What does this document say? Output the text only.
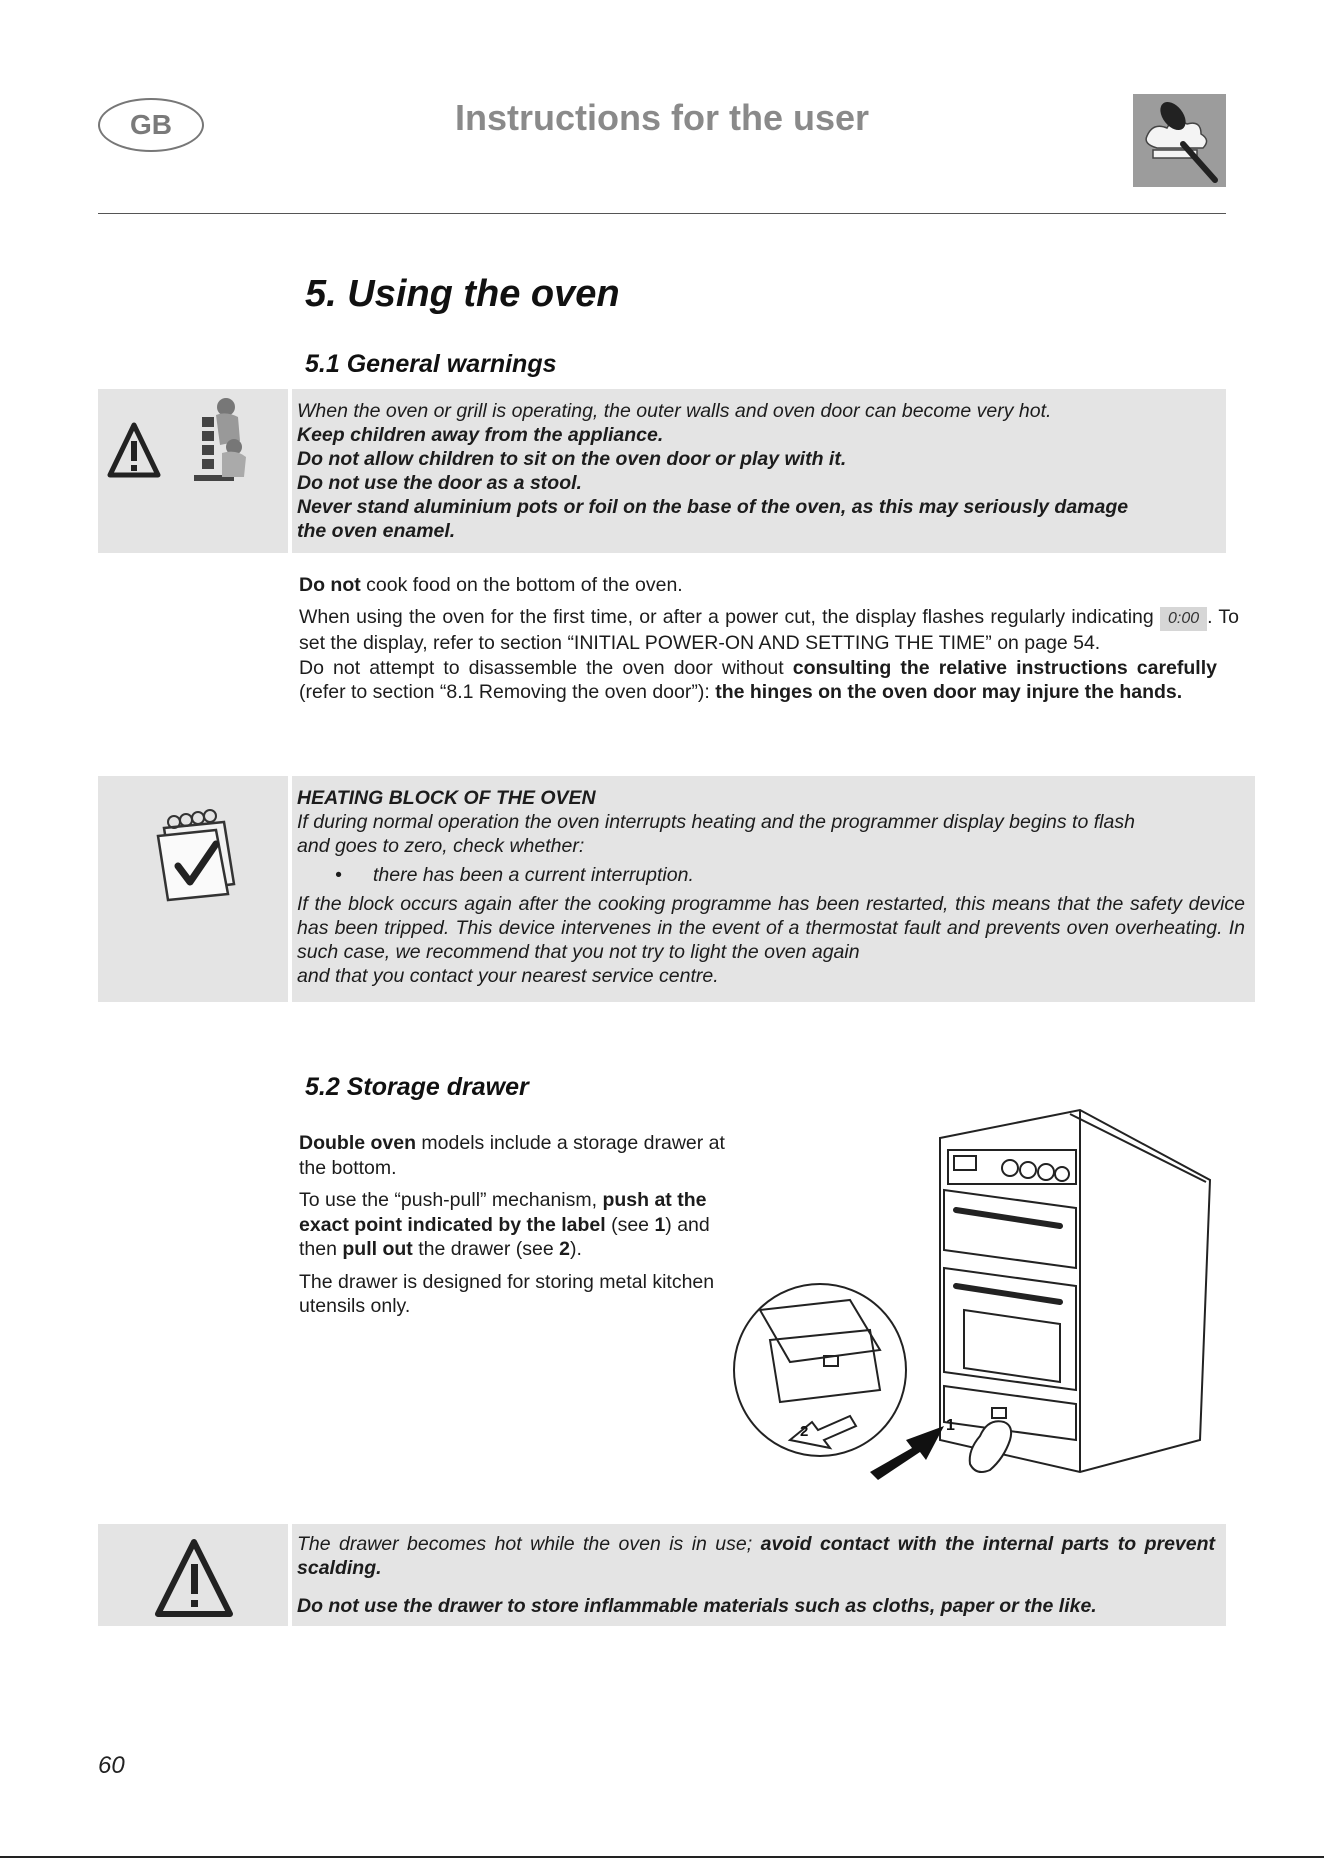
GB	Instructions for the user
5. Using the oven
5.1 General warnings

When the oven or grill is operating, the outer walls and oven door can become very hot.

Keep children away from the appliance.

Do not allow children to sit on the oven door or play with it.

Do not use the door as a stool.

Never stand aluminium pots or foil on the base of the oven, as this may seriously damage

the oven enamel.

Do not cook food on the bottom of the oven.

When using the oven for the first time, or after a power cut, the display flashes regularly indicating 0:00 . To set the display, refer to section “INITIAL POWER-ON AND SETTING THE TIME” on page 54.

Do not attempt to disassemble the oven door without consulting the relative instructions carefully (refer to section “8.1 Removing the oven door”): the hinges on the oven door may injure the hands.

HEATING BLOCK OF THE OVEN

If during normal operation the oven interrupts heating and the programmer display begins to flash

and goes to zero, check whether:

• there has been a current interruption.

If the block occurs again after the cooking programme has been restarted, this means that the safety device has been tripped. This device intervenes in the event of a thermostat fault and prevents oven overheating. In such case, we recommend that you not try to light the oven again

and that you contact your nearest service centre.

5.2 Storage drawer

Double oven models include a storage drawer at the bottom.

To use the “push-pull” mechanism, push at the exact point indicated by the label (see 1) and then pull out the drawer (see 2).

The drawer is designed for storing metal kitchen utensils only.

1
2

The drawer becomes hot while the oven is in use; avoid contact with the internal parts to prevent scalding.

Do not use the drawer to store inflammable materials such as cloths, paper or the like.

60
